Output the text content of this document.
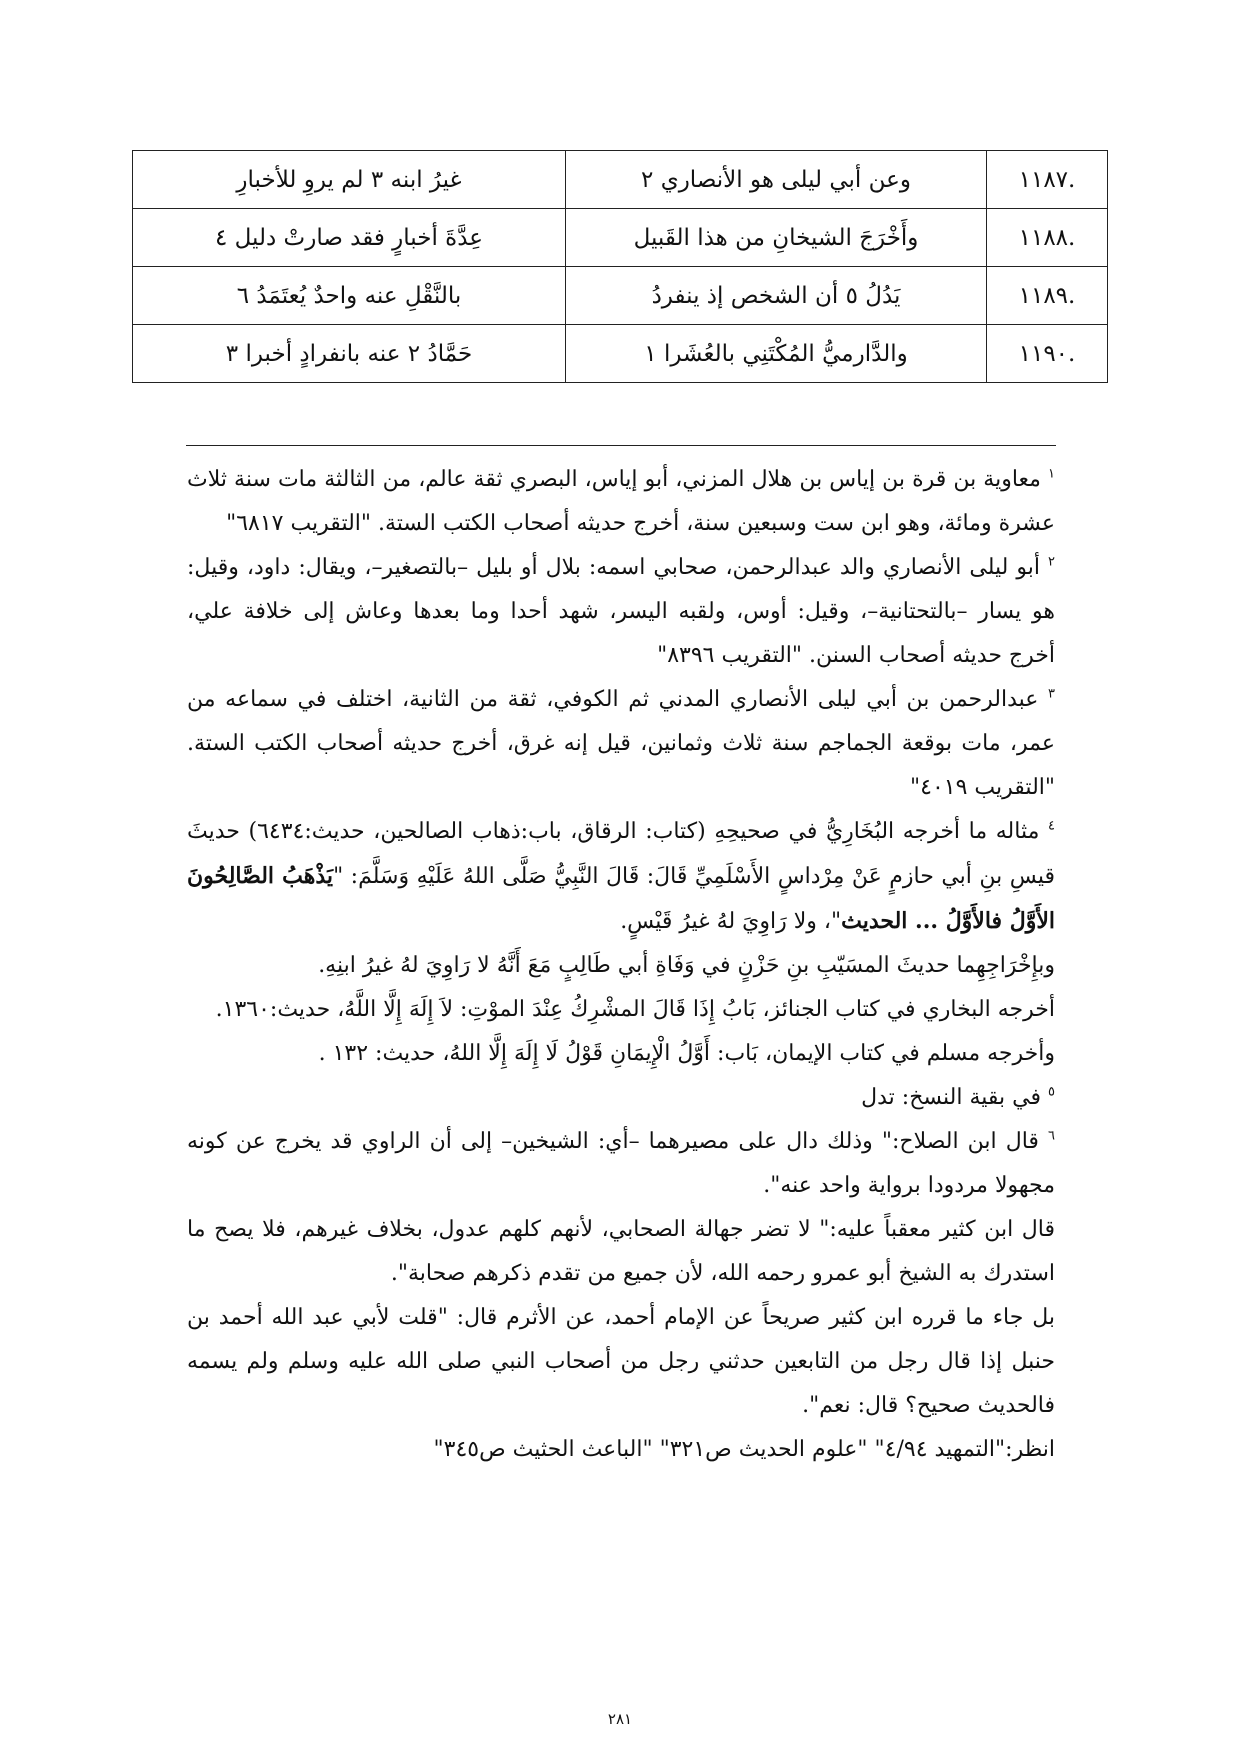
.١١٨٧	وعن أبي ليلى هو الأنصاري ٢	غيرُ ابنه ٣ لم يروِ للأخبارِ
.١١٨٨	وأَخْرَجَ الشيخانِ من هذا القَبيل	عِدَّةَ أخبارٍ فقد صارتْ دليل ٤
.١١٨٩	يَدُلُ ٥ أن الشخص إذ ينفردُ	بالنَّقْلِ عنه واحدٌ يُعتَمَدُ ٦
.١١٩٠	والدَّارميُّ المُكْتَنِي بالعُشَرا ١	حَمَّادُ ٢ عنه بانفرادٍ أخبرا ٣

$^١$ معاوية بن قرة بن إياس بن هلال المزني، أبو إياس، البصري ثقة عالم، من الثالثة مات سنة ثلاث عشرة ومائة، وهو ابن ست وسبعين سنة، أخرج حديثه أصحاب الكتب الستة. "التقريب ٦٨١٧"

$^٢$ أبو ليلى الأنصاري والد عبدالرحمن، صحابي اسمه: بلال أو بليل –بالتصغير–، ويقال: داود، وقيل: هو يسار –بالتحتانية–، وقيل: أوس، ولقبه اليسر، شهد أحدا وما بعدها وعاش إلى خلافة علي، أخرج حديثه أصحاب السنن. "التقريب ٨٣٩٦"

$^٣$ عبدالرحمن بن أبي ليلى الأنصاري المدني ثم الكوفي، ثقة من الثانية، اختلف في سماعه من عمر، مات بوقعة الجماجم سنة ثلاث وثمانين، قيل إنه غرق، أخرج حديثه أصحاب الكتب الستة. "التقريب ٤٠١٩"

$^٤$ مثاله ما أخرجه البُخَارِيُّ في صحيحِهِ (كتاب: الرقاق، باب:ذهاب الصالحين، حديث:٦٤٣٤) حديثَ قيسِ بنِ أبي حازمٍ عَنْ مِرْداسٍ الأَسْلَمِيِّ قَالَ: قَالَ النَّبِيُّ صَلَّى اللهُ عَلَيْهِ وَسَلَّمَ: "يَذْهَبُ الصَّالِحُونَ الأَوَّلُ فالأَوَّلُ ... الحديث"، ولا رَاوِيَ لهُ غيرُ قَيْسٍ.

وبإِخْرَاجِهِما حديثَ المسَيّبِ بنِ حَزْنٍ في وَفَاةِ أبي طَالِبٍ مَعَ أَنَّهُ لا رَاوِيَ لهُ غيرُ ابنِهِ.

أخرجه البخاري في كتاب الجنائز، بَابُ إِذَا قَالَ المشْرِكُ عِنْدَ الموْتِ: لاَ إِلَهَ إِلَّا اللَّهُ، حديث:١٣٦٠.

وأخرجه مسلم في كتاب الإيمان، بَاب: أَوَّلُ الْإِيمَانِ قَوْلُ لَا إِلَهَ إِلَّا اللهُ، حديث: ١٣٢ .

$^٥$ في بقية النسخ: تدل

$^٦$ قال ابن الصلاح:" وذلك دال على مصيرهما –أي: الشيخين– إلى أن الراوي قد يخرج عن كونه مجهولا مردودا برواية واحد عنه".

قال ابن كثير معقباً عليه:" لا تضر جهالة الصحابي، لأنهم كلهم عدول، بخلاف غيرهم، فلا يصح ما استدرك به الشيخ أبو عمرو رحمه الله، لأن جميع من تقدم ذكرهم صحابة".

بل جاء ما قرره ابن كثير صريحاً عن الإمام أحمد، عن الأثرم قال: "قلت لأبي عبد الله أحمد بن حنبل إذا قال رجل من التابعين حدثني رجل من أصحاب النبي صلى الله عليه وسلم ولم يسمه فالحديث صحيح؟ قال: نعم".

انظر:"التمهيد ٤/٩٤" "علوم الحديث ص٣٢١" "الباعث الحثيث ص٣٤٥"

٢٨١
